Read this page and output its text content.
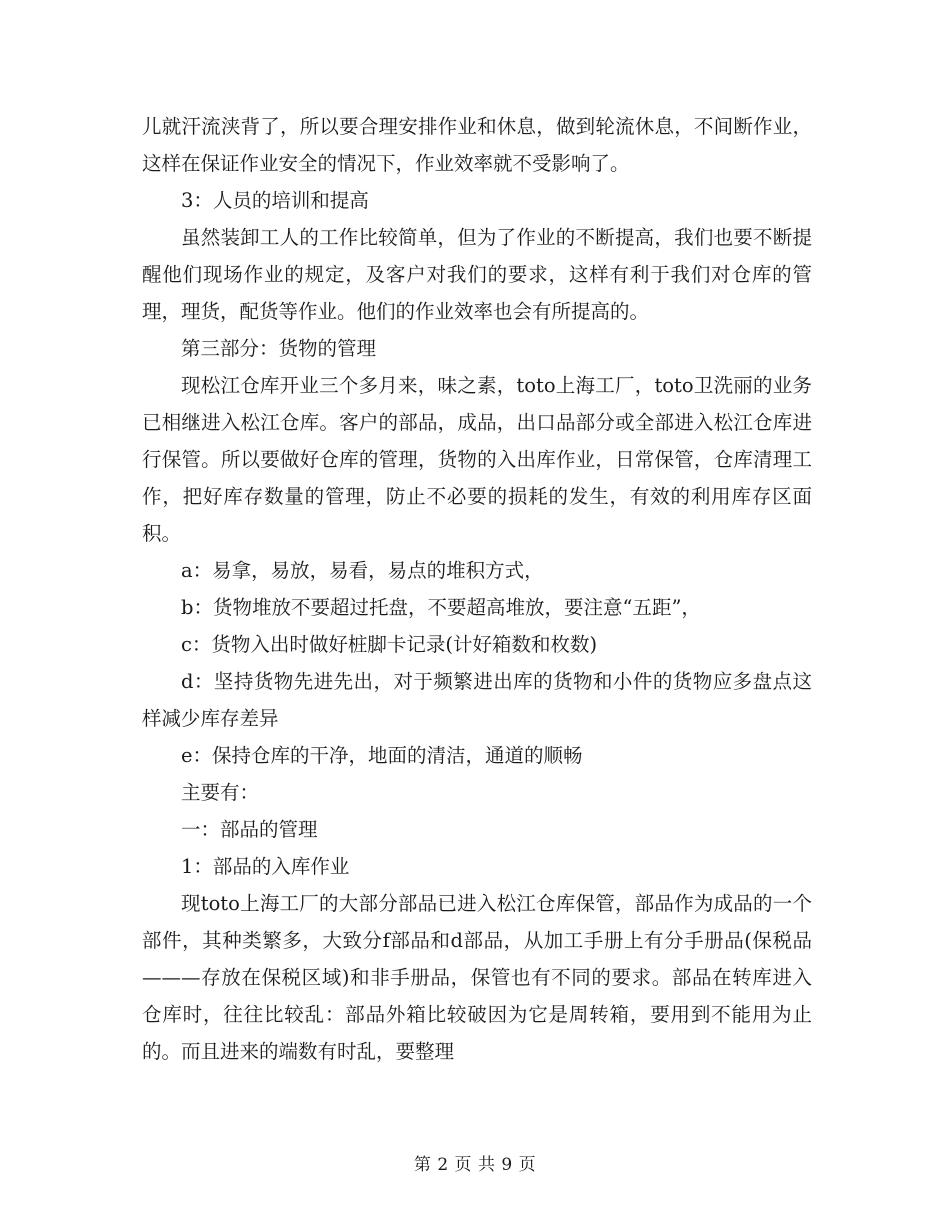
儿就汗流浃背了，所以要合理安排作业和休息，做到轮流休息，不间断作业，这样在保证作业安全的情况下，作业效率就不受影响了。

3：人员的培训和提高

虽然装卸工人的工作比较简单，但为了作业的不断提高，我们也要不断提醒他们现场作业的规定，及客户对我们的要求，这样有利于我们对仓库的管理，理货，配货等作业。他们的作业效率也会有所提高的。

第三部分：货物的管理

现松江仓库开业三个多月来，味之素，toto上海工厂，toto卫洗丽的业务已相继进入松江仓库。客户的部品，成品，出口品部分或全部进入松江仓库进行保管。所以要做好仓库的管理，货物的入出库作业，日常保管，仓库清理工作，把好库存数量的管理，防止不必要的损耗的发生，有效的利用库存区面积。

a：易拿，易放，易看，易点的堆积方式，

b：货物堆放不要超过托盘，不要超高堆放，要注意“五距”，

c：货物入出时做好桩脚卡记录(计好箱数和枚数)

d：坚持货物先进先出，对于频繁进出库的货物和小件的货物应多盘点这样减少库存差异

e：保持仓库的干净，地面的清洁，通道的顺畅

主要有：

一：部品的管理

1：部品的入库作业

现toto上海工厂的大部分部品已进入松江仓库保管，部品作为成品的一个部件，其种类繁多，大致分f部品和d部品，从加工手册上有分手册品(保税品———存放在保税区域)和非手册品，保管也有不同的要求。部品在转库进入仓库时，往往比较乱：部品外箱比较破因为它是周转箱，要用到不能用为止的。而且进来的端数有时乱，要整理

第 2 页 共 9 页
